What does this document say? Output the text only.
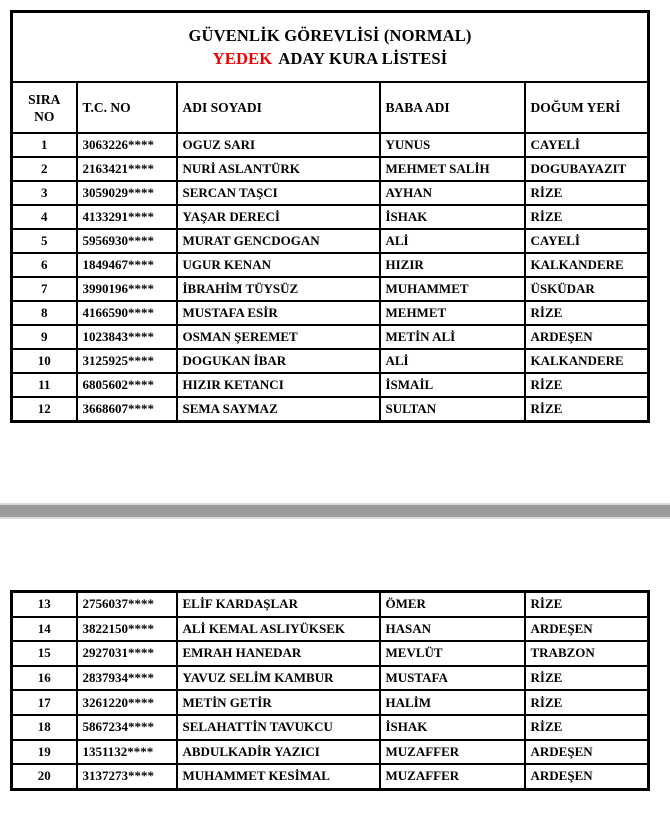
GÜVENLİK GÖREVLİSİ (NORMAL)
YEDEK ADAY KURA LİSTESİ				

SIRA NO	T.C. NO	ADI SOYADI	BABA ADI	DOĞUM YERİ
1	3063226****	OGUZ SARI	YUNUS	CAYELİ
2	2163421****	NURİ ASLANTÜRK	MEHMET SALİH	DOGUBAYAZIT
3	3059029****	SERCAN TAŞCI	AYHAN	RİZE
4	4133291****	YAŞAR DERECİ	İSHAK	RİZE
5	5956930****	MURAT GENCDOGAN	ALİ	CAYELİ
6	1849467****	UGUR KENAN	HIZIR	KALKANDERE
7	3990196****	İBRAHİM TÜYSÜZ	MUHAMMET	ÜSKÜDAR
8	4166590****	MUSTAFA ESİR	MEHMET	RİZE
9	1023843****	OSMAN ŞEREMET	METİN ALİ	ARDEŞEN
10	3125925****	DOGUKAN İBAR	ALİ	KALKANDERE
11	6805602****	HIZIR KETANCI	İSMAİL	RİZE
12	3668607****	SEMA SAYMAZ	SULTAN	RİZE
13	2756037****	ELİF KARDAŞLAR	ÖMER	RİZE
14	3822150****	ALİ KEMAL ASLIYÜKSEK	HASAN	ARDEŞEN
15	2927031****	EMRAH HANEDAR	MEVLÜT	TRABZON
16	2837934****	YAVUZ SELİM KAMBUR	MUSTAFA	RİZE
17	3261220****	METİN GETİR	HALİM	RİZE
18	5867234****	SELAHATTİN TAVUKCU	İSHAK	RİZE
19	1351132****	ABDULKADİR YAZICI	MUZAFFER	ARDEŞEN
20	3137273****	MUHAMMET KESİMAL	MUZAFFER	ARDEŞEN
